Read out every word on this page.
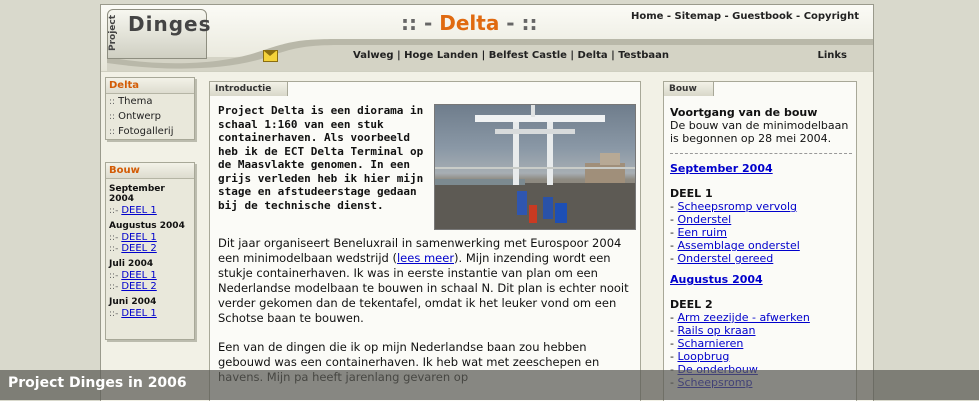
Project Dinges	:: - Delta - ::	Home - Sitemap - Guestbook - Copyright
Valweg | Hoge Landen | Belfest Castle | Delta | Testbaan	Links
Delta
:: Thema
:: Ontwerp
:: Fotogallerij
Bouw
September 2004
::- DEEL 1
Augustus 2004
::- DEEL 1
::- DEEL 2
Juli 2004
::- DEEL 1
::- DEEL 2
Juni 2004
::- DEEL 1
Introductie
Project Delta is een diorama in schaal 1:160 van een stuk containerhaven. Als voorbeeld heb ik de ECT Delta Terminal op de Maasvlakte genomen. In een grijs verleden heb ik hier mijn stage en afstudeerstage gedaan bij de technische dienst.

Dit jaar organiseert Beneluxrail in samenwerking met Eurospoor 2004 een minimodelbaan wedstrijd (lees meer). Mijn inzending wordt een stukje containerhaven. Ik was in eerste instantie van plan om een Nederlandse modelbaan te bouwen in schaal N. Dit plan is echter nooit verder gekomen dan de tekentafel, omdat ik het leuker vond om een Schotse baan te bouwen.

Een van de dingen die ik op mijn Nederlandse baan zou hebben gebouwd was een containerhaven. Ik heb wat met zeeschepen en

Bouw
Voortgang van de bouw
De bouw van de minimodelbaan is begonnen op 28 mei 2004.
September 2004
DEEL 1
- Scheepsromp vervolg
- Onderstel
- Een ruim
- Assemblage onderstel
- Onderstel gereed
Augustus 2004
DEEL 2
- Arm zeezijde - afwerken
- Rails op kraan
- Scharnieren
- Loopbrug
Project Dinges in 2006
